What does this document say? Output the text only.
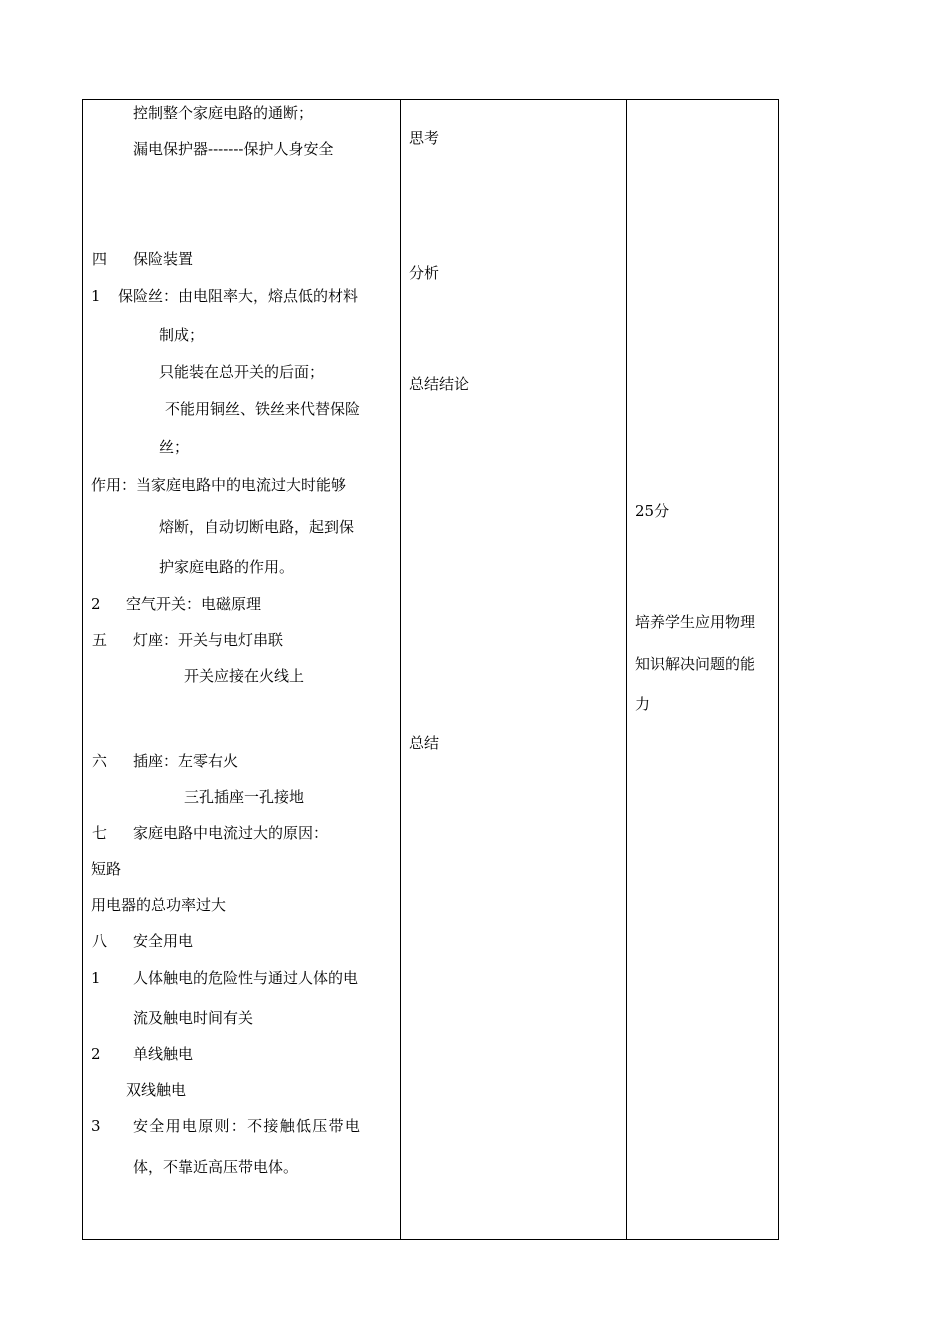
控制整个家庭电路的通断；
漏电保护器-------保护人身安全
四 保险装置
1 保险丝：由电阻率大，熔点低的材料
制成；
只能装在总开关的后面；
不能用铜丝、铁丝来代替保险
丝；
作用：当家庭电路中的电流过大时能够
熔断，自动切断电路，起到保
护家庭电路的作用。
2 空气开关：电磁原理
五 灯座：开关与电灯串联
开关应接在火线上
六 插座：左零右火
三孔插座一孔接地
七 家庭电路中电流过大的原因：
短路
用电器的总功率过大
八 安全用电
1 人体触电的危险性与通过人体的电
流及触电时间有关
2 单线触电
双线触电
3 安全用电原则：不接触低压带电
体，不靠近高压带电体。
思考
分析
总结结论
总结
25分
培养学生应用物理
知识解决问题的能
力
